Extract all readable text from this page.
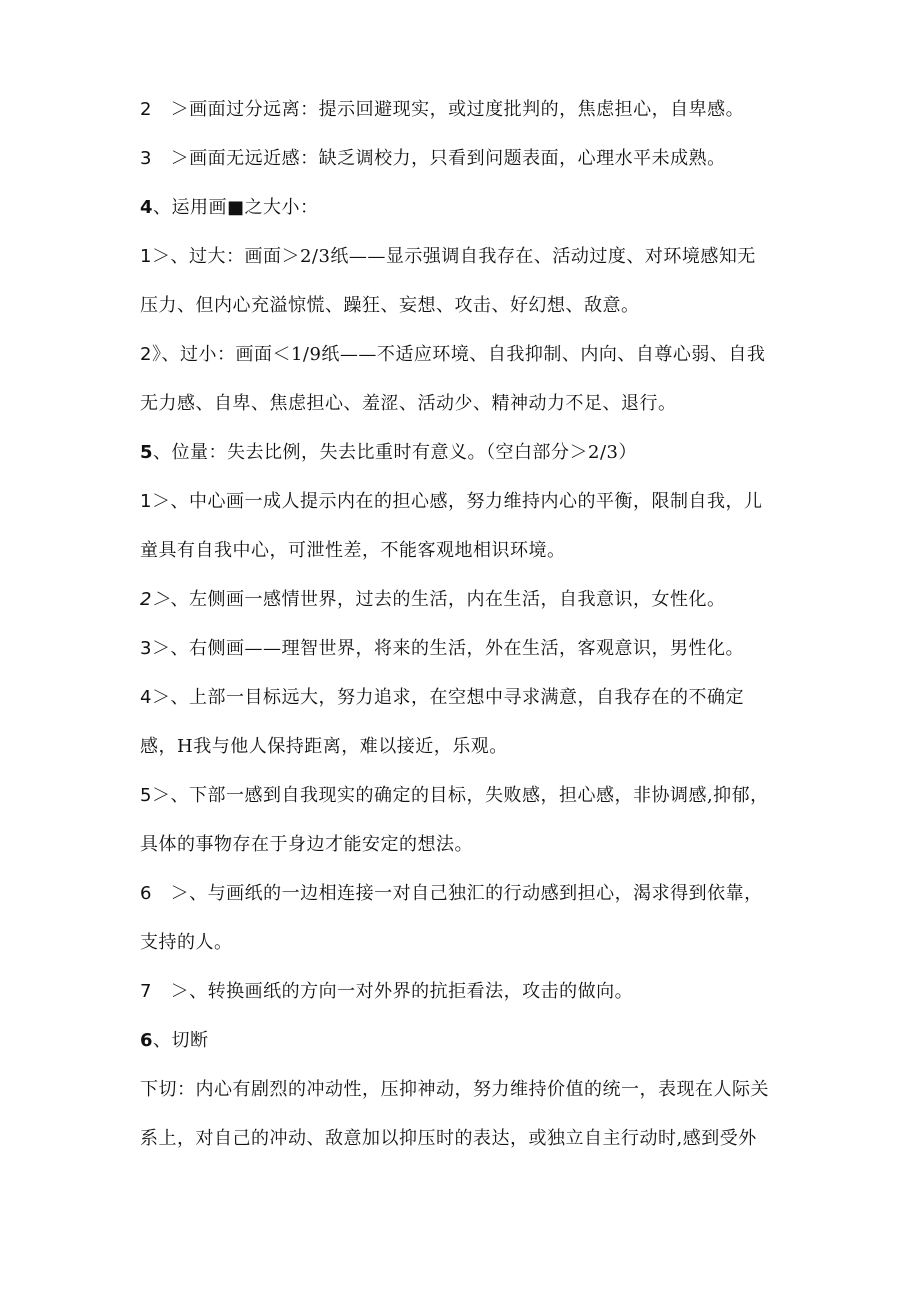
2 ＞画面过分远离：提示回避现实，或过度批判的，焦虑担心，自卑感。
3 ＞画面无远近感：缺乏调校力，只看到问题表面，心理水平未成熟。
4、运用画■之大小：
1＞、过大：画面＞2/3纸——显示强调自我存在、活动过度、对环境感知无
压力、但内心充溢惊慌、躁狂、妄想、攻击、好幻想、敌意。
2》、过小：画面＜1/9纸——不适应环境、自我抑制、内向、自尊心弱、自我
无力感、自卑、焦虑担心、羞涩、活动少、精神动力不足、退行。
5、位量：失去比例，失去比重时有意义。（空白部分＞2/3）
1＞、中心画一成人提示内在的担心感，努力维持内心的平衡，限制自我，儿
童具有自我中心，可泄性差，不能客观地相识环境。
2＞、左侧画一感情世界，过去的生活，内在生活，自我意识，女性化。
3＞、右侧画——理智世界，将来的生活，外在生活，客观意识，男性化。
4＞、上部一目标远大，努力追求，在空想中寻求满意，自我存在的不确定
感，H我与他人保持距离，难以接近，乐观。
5＞、下部一感到自我现实的确定的目标，失败感，担心感，非协调感,抑郁，
具体的事物存在于身边才能安定的想法。
6 ＞、与画纸的一边相连接一对自己独汇的行动感到担心，渴求得到依靠，
支持的人。
7 ＞、转换画纸的方向一对外界的抗拒看法，攻击的做向。
6、切断
下切：内心有剧烈的冲动性，压抑神动，努力维持价值的统一，表现在人际关
系上，对自己的冲动、敌意加以抑压时的表达，或独立自主行动时,感到受外
